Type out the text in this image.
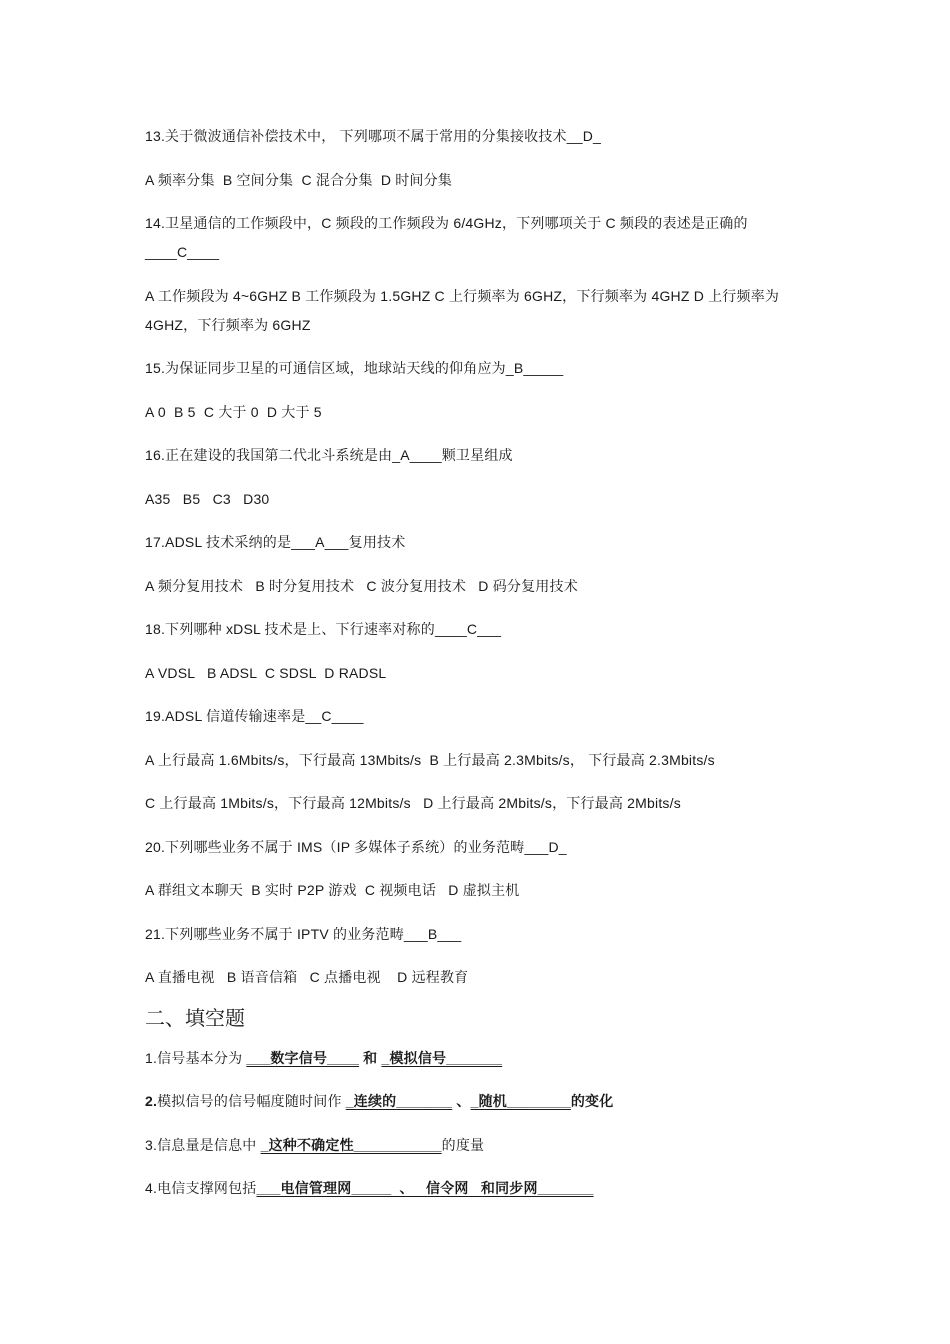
13.关于微波通信补偿技术中， 下列哪项不属于常用的分集接收技术__D_

A 频率分集  B 空间分集  C 混合分集  D 时间分集

14.卫星通信的工作频段中，C 频段的工作频段为 6/4GHz，下列哪项关于 C 频段的表述是正确的____C____

A 工作频段为 4~6GHZ B 工作频段为 1.5GHZ C 上行频率为 6GHZ，下行频率为 4GHZ D 上行频率为 4GHZ，下行频率为 6GHZ

15.为保证同步卫星的可通信区域，地球站天线的仰角应为_B_____

A 0  B 5  C 大于 0  D 大于 5

16.正在建设的我国第二代北斗系统是由_A____颗卫星组成

A35   B5   C3   D30

17.ADSL 技术采纳的是___A___复用技术

A 频分复用技术   B 时分复用技术   C 波分复用技术   D 码分复用技术

18.下列哪种 xDSL 技术是上、下行速率对称的____C___

A VDSL   B ADSL  C SDSL  D RADSL

19.ADSL 信道传输速率是__C____

A 上行最高 1.6Mbits/s，下行最高 13Mbits/s  B 上行最高 2.3Mbits/s， 下行最高 2.3Mbits/s

C 上行最高 1Mbits/s，下行最高 12Mbits/s   D 上行最高 2Mbits/s，下行最高 2Mbits/s

20.下列哪些业务不属于 IMS（IP 多媒体子系统）的业务范畴___D_

A 群组文本聊天  B 实时 P2P 游戏  C 视频电话   D 虚拟主机

21.下列哪些业务不属于 IPTV 的业务范畴___B___

A 直播电视   B 语音信箱   C 点播电视    D 远程教育

二、填空题

1.信号基本分为 ___数字信号____ 和 _模拟信号_______

2.模拟信号的信号幅度随时间作 _连续的_______ 、_随机________的变化

3.信息量是信息中 _这种不确定性___________的度量

4.电信支撑网包括___电信管理网_____  、   信令网   和同步网_______
